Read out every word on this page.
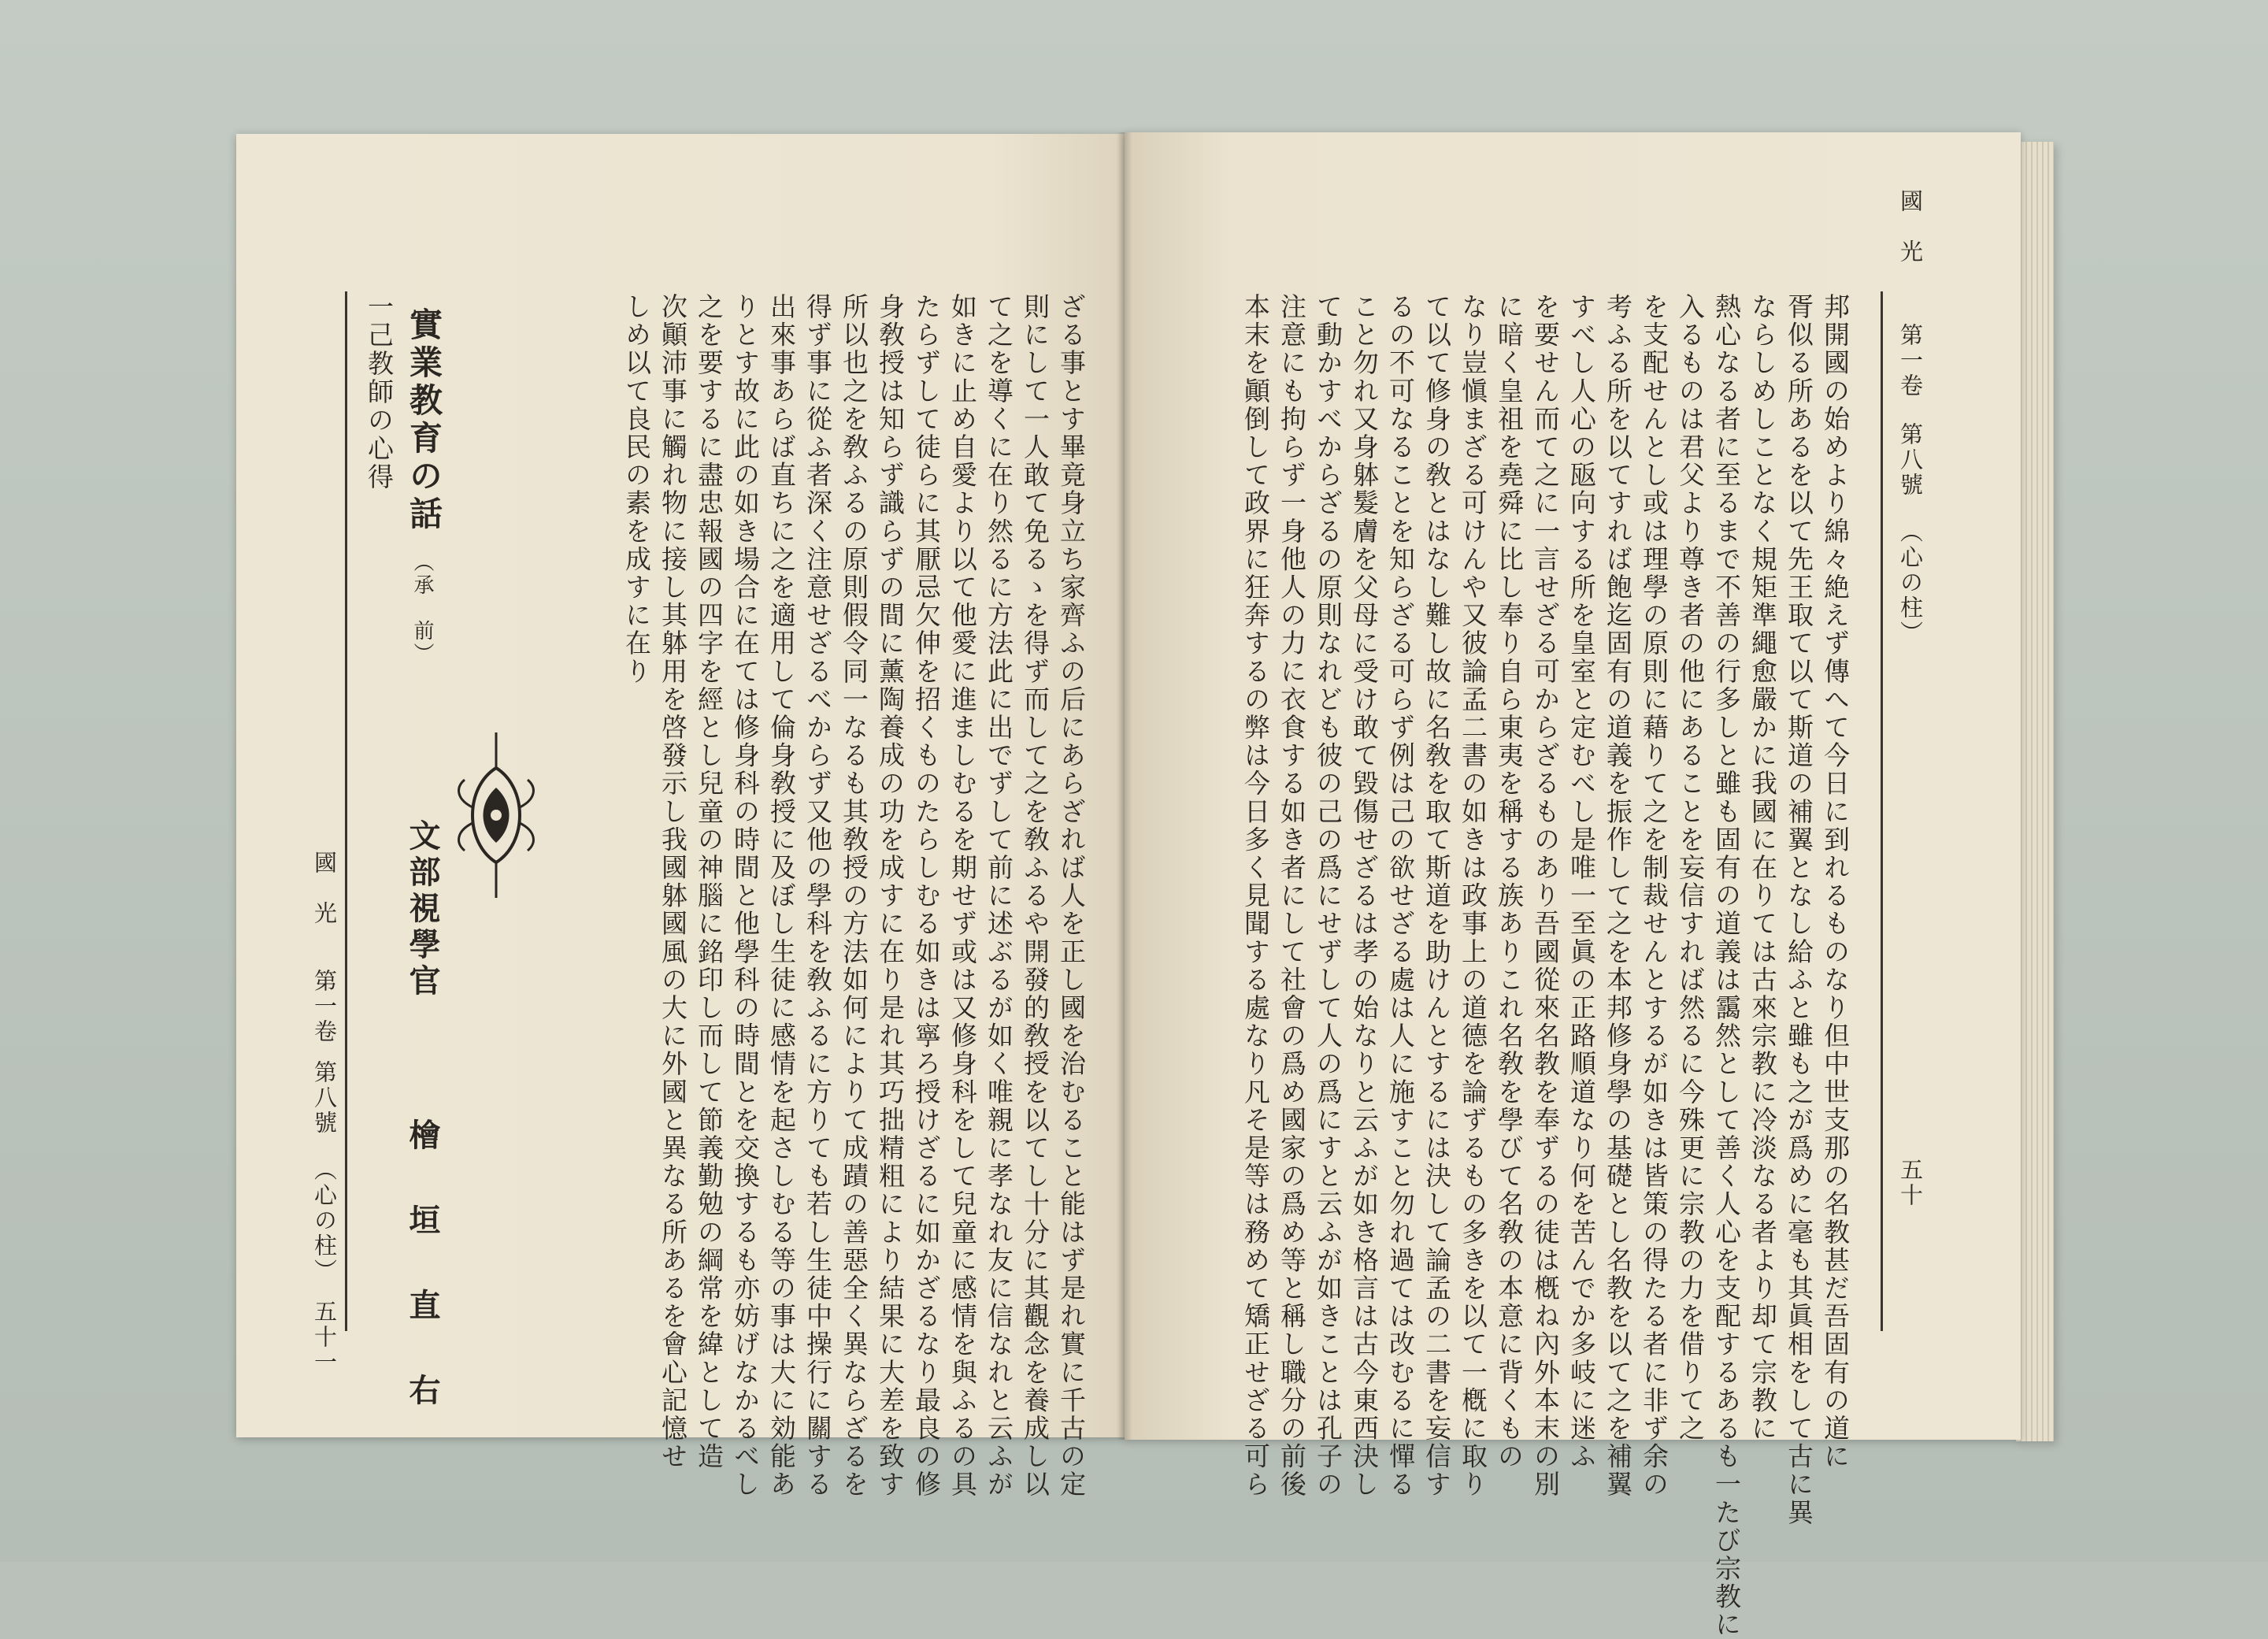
國　光
第一卷
第八號
（心の柱）
五十
邦開國の始めより綿々絶えず傳へて今日に到れるものなり但中世支那の名教甚だ吾固有の道に
胥似る所あるを以て先王取て以て斯道の補翼となし給ふと雖も之が爲めに毫も其眞相をして古に異
ならしめしことなく規矩準繩愈嚴かに我國に在りては古來宗教に冷淡なる者より却て宗教に
熱心なる者に至るまで不善の行多しと雖も固有の道義は靄然として善く人心を支配するあるも一たび宗教に
入るものは君父より尊き者の他にあることを妄信すれば然るに今殊更に宗教の力を借りて之
を支配せんとし或は理學の原則に藉りて之を制裁せんとするが如きは皆策の得たる者に非ず余の
考ふる所を以てすれば飽迄固有の道義を振作して之を本邦修身學の基礎とし名教を以て之を補翼
すべし人心の瓪向する所を皇室と定むべし是唯一至眞の正路順道なり何を苦んでか多岐に迷ふ
を要せん而て之に一言せざる可からざるものあり吾國從來名教を奉ずるの徒は槪ね內外本末の別
に暗く皇祖を堯舜に比し奉り自ら東夷を稱する族ありこれ名敎を學びて名敎の本意に背くもの
なり豈愼まざる可けんや又彼論孟二書の如きは政事上の道德を論ずるもの多きを以て一槪に取り
て以て修身の敎とはなし難し故に名敎を取て斯道を助けんとするには決して論孟の二書を妄信す
るの不可なることを知らざる可らず例は己の欲せざる處は人に施すこと勿れ過ては改むるに憚る
こと勿れ又身躰髮膚を父母に受け敢て毀傷せざるは孝の始なりと云ふが如き格言は古今東西決し
て動かすべからざるの原則なれども彼の己の爲にせずして人の爲にすと云ふが如きことは孔子の
注意にも拘らず一身他人の力に衣食する如き者にして社會の爲め國家の爲め等と稱し職分の前後
本末を顚倒して政界に狂奔するの弊は今日多く見聞する處なり凡そ是等は務めて矯正せざる可ら
ざる事とす畢竟身立ち家齊ふの后にあらざれば人を正し國を治むること能はず是れ實に千古の定
則にして一人敢て免るゝを得ず而して之を敎ふるや開發的敎授を以てし十分に其觀念を養成し以
て之を導くに在り然るに方法此に出でずして前に述ぶるが如く唯親に孝なれ友に信なれと云ふが
如きに止め自愛より以て他愛に進ましむるを期せず或は又修身科をして兒童に感情を與ふるの具
たらずして徒らに其厭忌欠伸を招くものたらしむる如きは寧ろ授けざるに如かざるなり最良の修
身敎授は知らず識らずの間に薰陶養成の功を成すに在り是れ其巧拙精粗により結果に大差を致す
所以也之を敎ふるの原則假令同一なるも其敎授の方法如何によりて成蹟の善惡全く異ならざるを
得ず事に從ふ者深く注意せざるべからず又他の學科を敎ふるに方りても若し生徒中操行に關する
出來事あらば直ちに之を適用して倫身敎授に及ぼし生徒に感情を起さしむる等の事は大に効能あ
りとす故に此の如き場合に在ては修身科の時間と他學科の時間とを交換するも亦妨げなかるべし
之を要するに盡忠報國の四字を經とし兒童の神腦に銘印し而して節義勤勉の綱常を緯として造
次顚沛事に觸れ物に接し其躰用を啓發示し我國躰國風の大に外國と異なる所あるを會心記憶せ
しめ以て良民の素を成すに在り
實業教育の話
（承　前）
文部視學官
檜　垣　直　右
一己教師の心得
國　光
第一卷
第八號
（心の柱）
五十一
